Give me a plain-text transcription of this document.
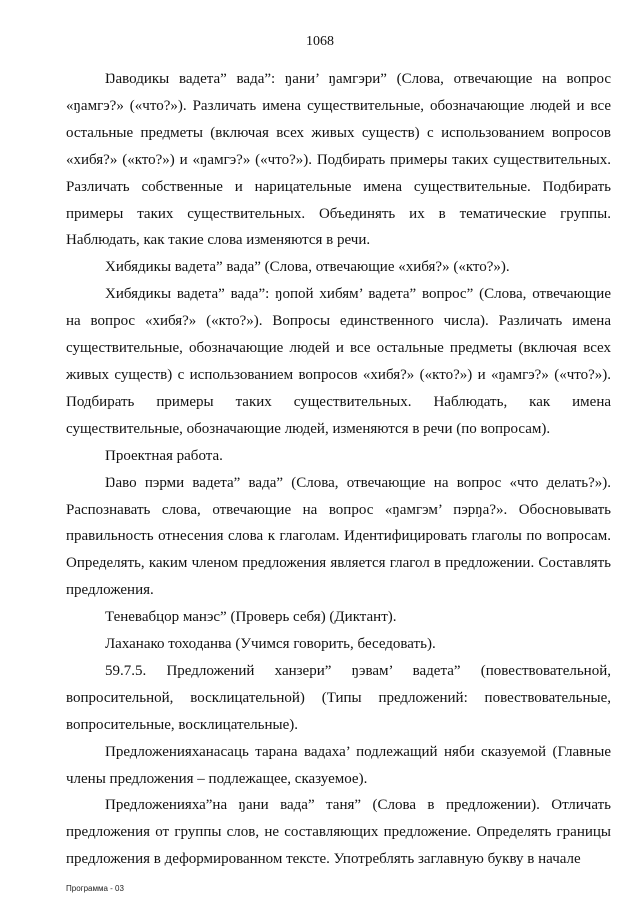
1068

Ŋаводикы вадета” вада”: ŋани’ ŋамгэри” (Слова, отвечающие на вопрос «ŋамгэ?» («что?»). Различать имена существительные, обозначающие людей и все остальные предметы (включая всех живых существ) с использованием вопросов «хибя?» («кто?») и «ŋамгэ?» («что?»). Подбирать примеры таких существительных. Различать собственные и нарицательные имена существительные. Подбирать примеры таких существительных. Объединять их в тематические группы. Наблюдать, как такие слова изменяются в речи.

Хибядикы вадета” вада” (Слова, отвечающие «хибя?» («кто?»).

Хибядикы вадета” вада”: ŋопой хибям’ вадета” вопрос” (Слова, отвечающие на вопрос «хибя?» («кто?»). Вопросы единственного числа). Различать имена существительные, обозначающие людей и все остальные предметы (включая всех живых существ) с использованием вопросов «хибя?» («кто?») и «ŋамгэ?» («что?»). Подбирать примеры таких существительных. Наблюдать, как имена существительные, обозначающие людей, изменяются в речи (по вопросам).

Проектная работа.

Ŋаво пэрми вадета” вада” (Слова, отвечающие на вопрос «что делать?»). Распознавать слова, отвечающие на вопрос «ŋамгэм’ пэрŋа?». Обосновывать правильность отнесения слова к глаголам. Идентифицировать глаголы по вопросам. Определять, каким членом предложения является глагол в предложении. Составлять предложения.

Теневабцор манэс” (Проверь себя) (Диктант).

Лаханако тоходанва (Учимся говорить, беседовать).

59.7.5. Предложений ханзери” ŋэвам’ вадета” (повествовательной, вопросительной, восклицательной) (Типы предложений: повествовательные, вопросительные, восклицательные).

Предложенияханасаць тарана вадаха’ подлежащий няби сказуемой (Главные члены предложения – подлежащее, сказуемое).

Предложенияха”на ŋани вада” таня” (Слова в предложении). Отличать предложения от группы слов, не составляющих предложение. Определять границы предложения в деформированном тексте. Употреблять заглавную букву в начале

Программа - 03
